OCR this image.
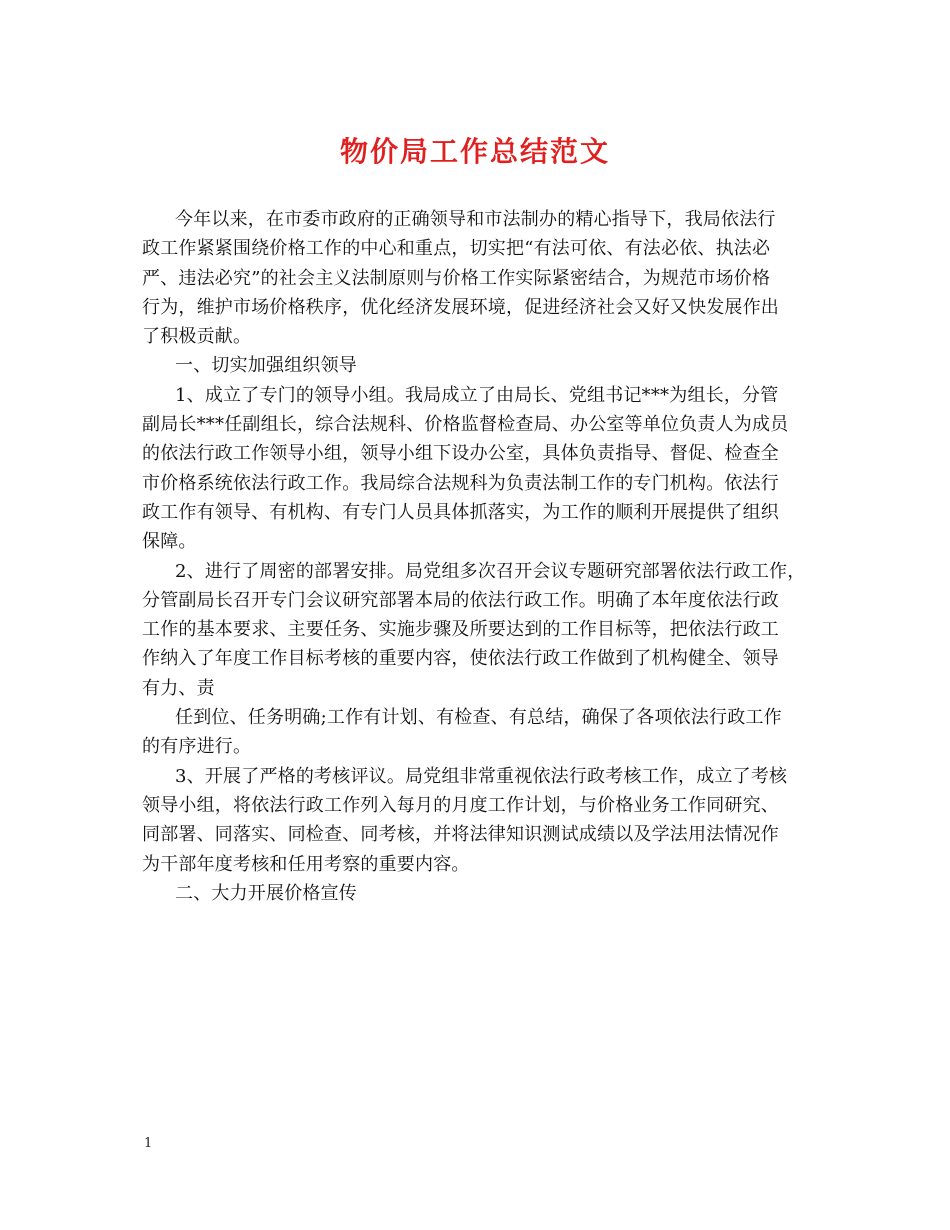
物价局工作总结范文
今年以来，在市委市政府的正确领导和市法制办的精心指导下，我局依法行
政工作紧紧围绕价格工作的中心和重点，切实把“有法可依、有法必依、执法必
严、违法必究”的社会主义法制原则与价格工作实际紧密结合，为规范市场价格
行为，维护市场价格秩序，优化经济发展环境，促进经济社会又好又快发展作出
了积极贡献。
一、切实加强组织领导
1、成立了专门的领导小组。我局成立了由局长、党组书记***为组长，分管
副局长***任副组长，综合法规科、价格监督检查局、办公室等单位负责人为成员
的依法行政工作领导小组，领导小组下设办公室，具体负责指导、督促、检查全
市价格系统依法行政工作。我局综合法规科为负责法制工作的专门机构。依法行
政工作有领导、有机构、有专门人员具体抓落实，为工作的顺利开展提供了组织
保障。
2、进行了周密的部署安排。局党组多次召开会议专题研究部署依法行政工作，
分管副局长召开专门会议研究部署本局的依法行政工作。明确了本年度依法行政
工作的基本要求、主要任务、实施步骤及所要达到的工作目标等，把依法行政工
作纳入了年度工作目标考核的重要内容，使依法行政工作做到了机构健全、领导
有力、责
任到位、任务明确;工作有计划、有检查、有总结，确保了各项依法行政工作
的有序进行。
3、开展了严格的考核评议。局党组非常重视依法行政考核工作，成立了考核
领导小组，将依法行政工作列入每月的月度工作计划，与价格业务工作同研究、
同部署、同落实、同检查、同考核，并将法律知识测试成绩以及学法用法情况作
为干部年度考核和任用考察的重要内容。
二、大力开展价格宣传
1
